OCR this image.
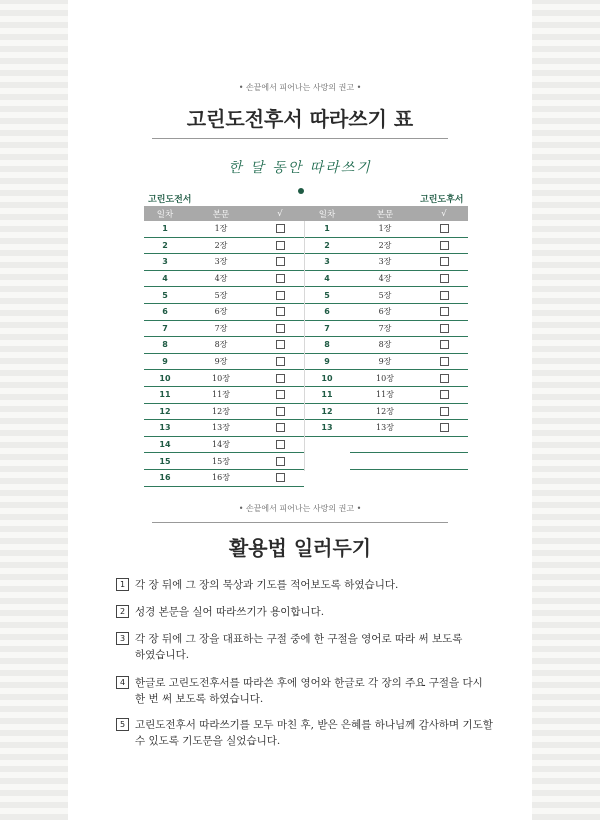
• 손끝에서 피어나는 사랑의 권고 •
고린도전후서 따라쓰기 표
한 달 동안 따라쓰기
고린도전서	고린도후서
일차	본문	√
1	1장	
2	2장	
3	3장	
4	4장	
5	5장	
6	6장	
7	7장	
8	8장	
9	9장	
10	10장	
11	11장	
12	12장	
13	13장	
14	14장	
15	15장	
16	16장	
일차	본문	√
1	1장	
2	2장	
3	3장	
4	4장	
5	5장	
6	6장	
7	7장	
8	8장	
9	9장	
10	10장	
11	11장	
12	12장	
13	13장	

• 손끝에서 피어나는 사랑의 권고 •
활용법 일러두기
1 각 장 뒤에 그 장의 묵상과 기도를 적어보도록 하였습니다.
2 성경 본문을 실어 따라쓰기가 용이합니다.
3 각 장 뒤에 그 장을 대표하는 구절 중에 한 구절을 영어로 따라 써 보도록
하였습니다.
4 한글로 고린도전후서를 따라쓴 후에 영어와 한글로 각 장의 주요 구절을 다시
한 번 써 보도록 하였습니다.
5 고린도전후서 따라쓰기를 모두 마친 후, 받은 은혜를 하나님께 감사하며 기도할
수 있도록 기도문을 실었습니다.
